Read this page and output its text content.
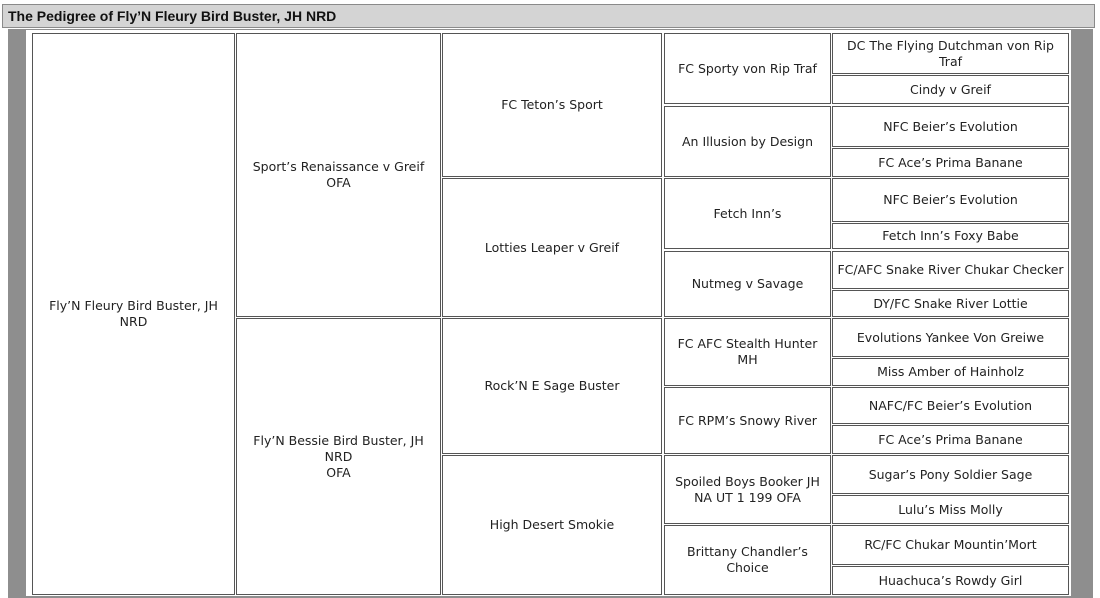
The Pedigree of Fly’N Fleury Bird Buster, JH NRD
Fly’N Fleury Bird Buster, JH NRD
Sport’s Renaissance v Greif
OFA
Fly’N Bessie Bird Buster, JH NRD
OFA
FC Teton’s Sport
Lotties Leaper v Greif
Rock’N E Sage Buster
High Desert Smokie
FC Sporty von Rip Traf
An Illusion by Design
Fetch Inn’s
Nutmeg v Savage
FC AFC Stealth Hunter MH
FC RPM’s Snowy River
Spoiled Boys Booker JH NA UT 1 199 OFA
Brittany Chandler’s Choice
DC The Flying Dutchman von Rip Traf
Cindy v Greif
NFC Beier’s Evolution
FC Ace’s Prima Banane
NFC Beier’s Evolution
Fetch Inn’s Foxy Babe
FC/AFC Snake River Chukar Checker
DY/FC Snake River Lottie
Evolutions Yankee Von Greiwe
Miss Amber of Hainholz
NAFC/FC Beier’s Evolution
FC Ace’s Prima Banane
Sugar’s Pony Soldier Sage
Lulu’s Miss Molly
RC/FC Chukar Mountin’Mort
Huachuca’s Rowdy Girl
